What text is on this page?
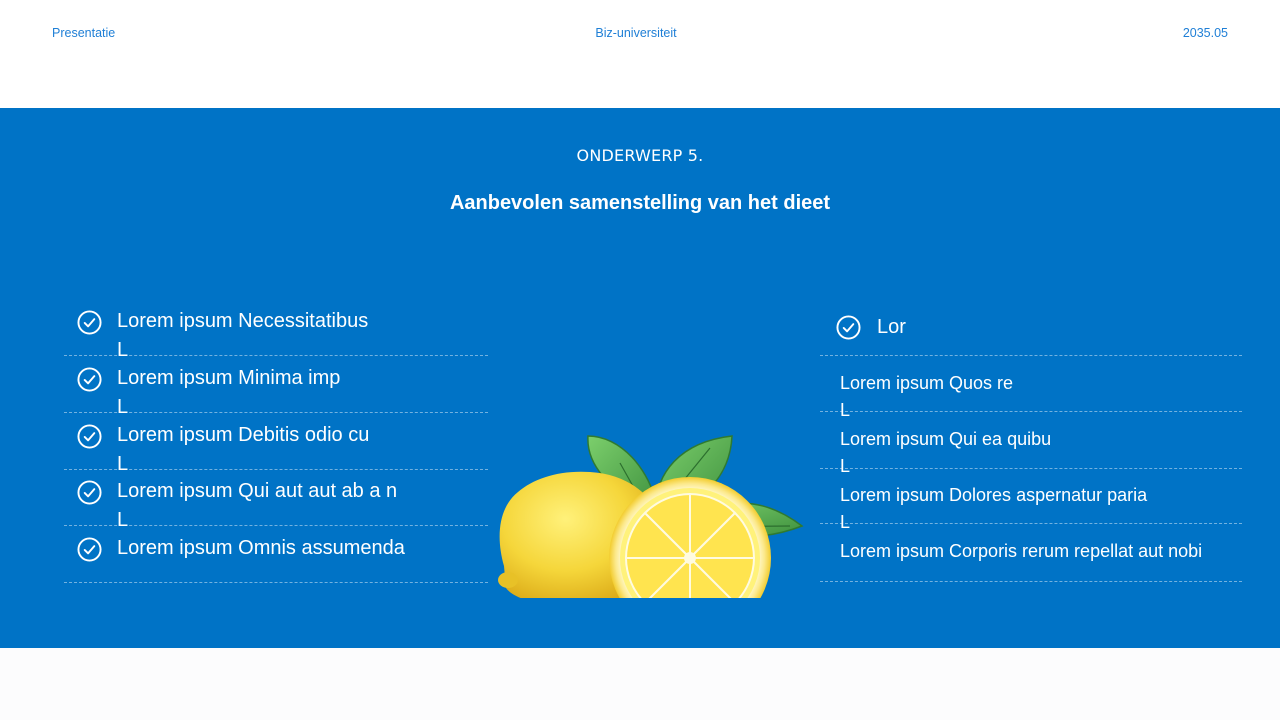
Presentatie	Biz-universiteit	2035.05
ONDERWERP 5.
Aanbevolen samenstelling van het dieet
Lorem ipsum Necessitatibus
L
Lorem ipsum Minima imp
L
Lorem ipsum Debitis odio cu
L
Lorem ipsum Qui aut aut ab a n
L
Lorem ipsum Omnis assumenda
Lor
Lorem ipsum Quos re
L
Lorem ipsum Qui ea quibu
L
Lorem ipsum Dolores aspernatur paria
L
Lorem ipsum Corporis rerum repellat aut nobi
